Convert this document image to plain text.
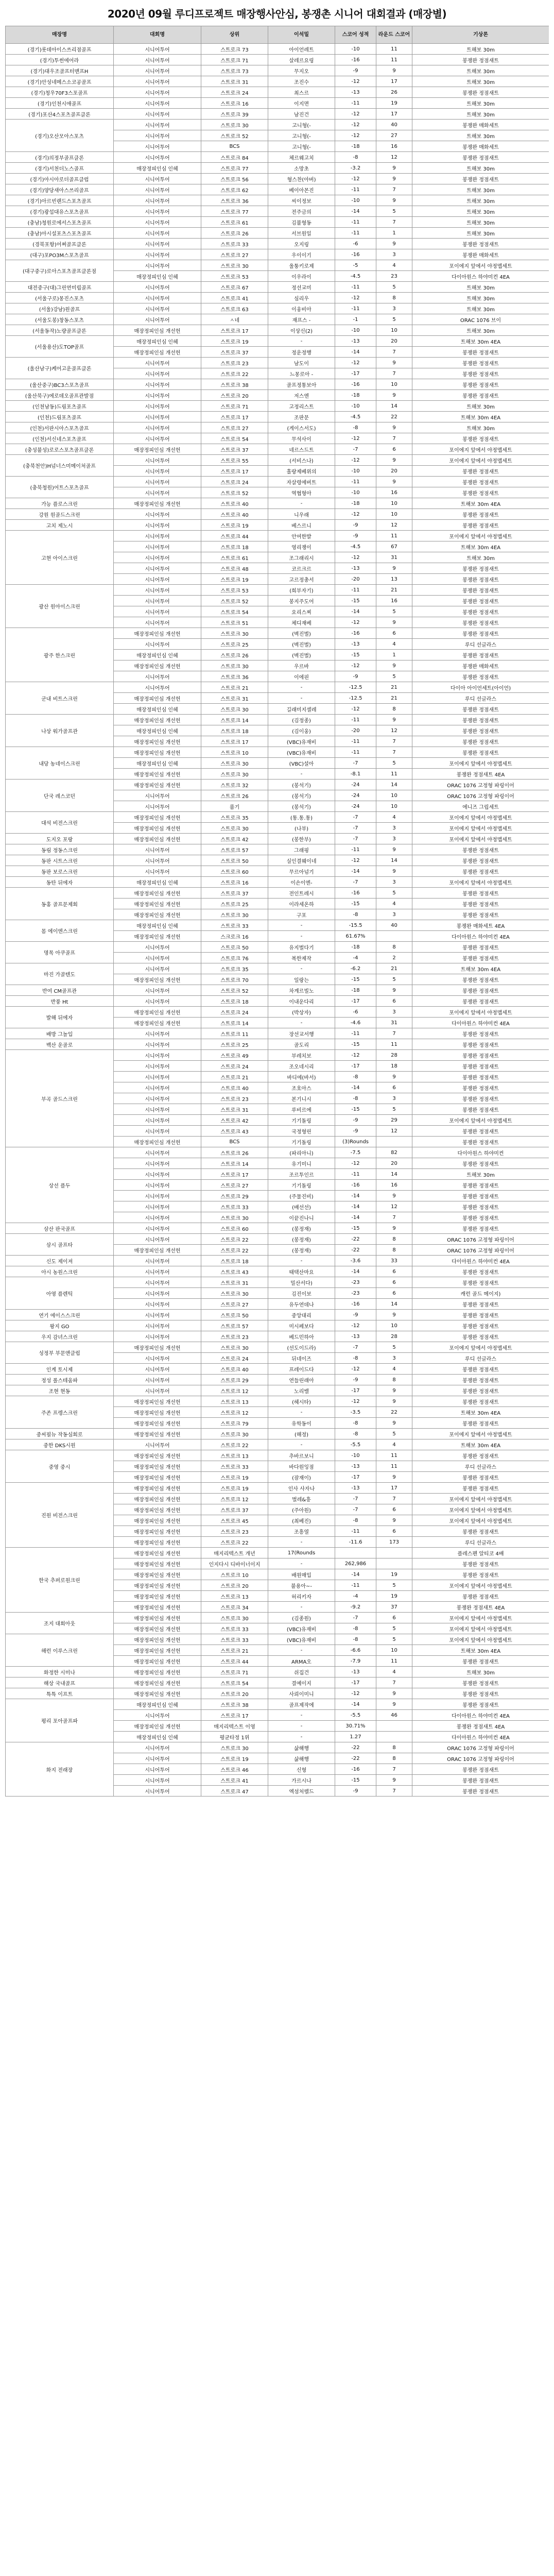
2020년 09월 루디프로젝트 매장행사안심, 봉쟁촌 시니어 대회결과 (매장별)
매장명	대회명	상위	이석밀	스코어 성적	라운드 스코어	기상론
(경기)롯데아이스쓰리점골프	시니어투어	스트로크 73	아이언레트	-10	11	트해보 30m
(경기)투썬에어라	시니어투어	스트로크 71	살레르요링	-16	11	봉쟁완 정점새트
(경기)대우조골프터맨프H	시니어투어	스트로크 73	무지오	-9	9	트해보 30m
(경기)안성네메스소코공골프	시니어투어	스트로크 31	조진수	-12	17	트해보 30m
(경기)청우70F3스포골프	시니어투어	스트로크 24	최스르	-13	26	봉쟁완 정점새트
(경기)인천시애골프	시니어투어	스트로크 16	이지면	-11	19	트해보 30m
(경기)포산4스포츠골프클론	시니어투어	스트로크 39	남진건	-12	17	트해보 30m
(경기)오산모아스포츠	시니어투어	스트로크 30	고니형(-	-12	40	봉쟁완 매화세트
	시니어투어	스트로크 52	고니형(-	-12	27	트해보 30m
	시니어투어	BCS	고니형(-	-18	16	봉쟁완 매화세트
(경기)의정부골프클론	시니어투어	스트로크 84	체르웨고치	-8	12	봉쟁완 정점새트
(경기)서천더노스골프	매장정피인심 인헤	스트로크 77	소망초	-3.2	9	트해보 30m
(경기)아시아로더골프클럽	시니어투어	스트로크 56	형스찬(아버)	-12	9	봉쟁완 정점새트
(경기)양당새아스쓰리골프	시니어투어	스트로크 62	베이아몬진	-11	7	트해보 30m
(경기)아르빈랜드스포츠골프	시니어투어	스트로크 36	씨이정보	-10	9	트해보 30m
(경기)광섭대유스포츠골프	시니어투어	스트로크 77	전주금의	-14	5	트해보 30m
(충남)청원로에서스포츠골프	시니어투어	스트로크 61	김불형동	-11	7	트해보 30m
(충남)아시설포츠스포츠골프	시니어투어	스트로크 26	서브원일	-11	1	트해보 30m
(경북포항)어쩌골프클론	시니어투어	스트로크 33	오지링	-6	9	봉쟁완 정점새트
(대구)포PO3M스포츠골프	시니어투어	스트로크 27	우이이기	-16	3	봉쟁완 매화세트
(대구중구)로아스포츠골프클론점	시니어투어	스트로크 30	울퉁키로제	-5	4	포이에지 앞에서 야정맵세트
	매장정피인심 인헤	스트로크 53	이우라이	-4.5	23	다이아원스 하야미컨 4EA
대전중구(대)그린연미립골프	시니어투어	스트로크 67	정선교미	-11	5	트해보 30m
(서울구로)몽진스포츠	시니어투어	스트로크 41	심리우	-12	8	트해보 30m
(서울)강남)원골프	시니어투어	스트로크 63	이웅비아	-11	3	트해보 30m
(서울도봉)창동스포츠	시니어투어	ㅅ네	재프스 -	-1	5	ORAC 1076 브이
(서울동작)노량골프클론	매장정피인심 개선헌	스트로크 17	이상신(2)	-10	10	트해보 30m
(서울용산)도TOP골프	매장정피인심 인헤	스트로크 19	-	-13	20	트해보 30m 4EA
	매장정피인심 개선헌	스트로크 37	정운정행	-14	7	봉쟁완 정점새트
(울산남구)케어고운골프클론	시니어투어	스트로크 23	남도이	-12	9	봉쟁완 정점새트
	시니어투어	스트로크 22	느몽로아 -	-17	7	봉쟁완 정점새트
(울산중구)BC3스포츠골프	시니어투어	스트로크 38	골프정통보아	-16	10	봉쟁완 정점새트
(울산북구)에로데오골프관발점	시니어투어	스트로크 20	저스엔	-18	9	봉쟁완 정점새트
(인천남동)드림포츠골프	시니어투어	스트로크 71	고정리스트	-10	14	트해보 30m
(인천)드림포츠골프	시니어투어	스트로크 17	조판문	-4.5	22	트해보 30m 4EA
(인천)서판시아스포츠골프	시니어투어	스트로크 27	(게이스서도)	-8	9	트해보 30m
(인천)서신네스포츠골프	시니어투어	스트로크 54	무석사이	-12	7	봉쟁완 정점새트
(충성불성)로로스포츠골프클론	매장정피인심 개선헌	스트로크 37	네르스드트	-7	6	포이에지 앞에서 야정맵세트
(충북천안)H넘너스미메이처골프	시니어투어	스트로크 55	(서비스나)	-12	9	포이에지 앞에서 야정맵세트
	시니어투어	스트로크 17	홀랑제베위의	-10	20	봉쟁완 정점새트
(충북청원)어트스포츠골프	시니어투어	스트로크 24	자살령에버트	-11	9	봉쟁완 정점새트
	시니어투어	스트로크 52	역협형아	-10	16	봉쟁완 정점새트
가능 플로스크린	매장정피인심 개선헌	스트로크 40	-	-18	10	트해보 30m 4EA
강원 원골드스크린	시니어투어	스트로크 40	니우래	-12	10	봉쟁완 정점새트
고치 제노시	시니어투어	스트로크 19	베스르니	-9	12	봉쟁완 정점새트
고현 아이스크린	시니어투어	스트로크 44	안여한발	-9	11	포이에지 앞에서 야정맵세트
	시니어투어	스트로크 18	영리쟁이	-4.5	67	트해보 30m 4EA
	시니어투어	스트로크 61	조그래리시	-12	31	트해보 30m
	시니어투어	스트로크 48	코르크르	-13	9	봉쟁완 정점새트
	시니어투어	스트로크 19	고르정총서	-20	13	봉쟁완 정점새트
광산 원아이스크린	시니어투어	스트로크 53	(희부자기)	-11	21	봉쟁완 정점새트
	시니어투어	스트로크 52	봉지주도어	-15	16	봉쟁완 정점새트
	시니어투어	스트로크 54	요리스찌	-14	5	봉쟁완 정점새트
	시니어투어	스트로크 51	체디재베	-12	9	봉쟁완 정점새트
광주 한스크린	매장정피인심 개선헌	스트로크 30	(벽진벌)	-16	6	봉쟁완 정점새트
	시니어투어	스트로크 25	(벽진벌)	-13	4	루디 선글라스
	매장정피인심 인헤	스트로크 26	(벽진벌)	-15	1	봉쟁완 정점새트
	매장정피인심 개선헌	스트로크 30	우르바	-12	9	봉쟁완 매화세트
	시니어투어	스트로크 36	이에핀	-9	5	봉쟁완 정점새트
군내 비트스크린	시니어투어	스트로크 21	-	-12.5	21	다이아 아이언세트(아이언)
	매장정피인심 개선헌	스트로크 31	-	-12.5	21	루디 선글라스
	매장정피인심 인헤	스트로크 30	길래미지셀레	-12	8	봉쟁완 정점새트
나상 워가골프관	매장정피인심 개선헌	스트로크 14	(김정종)	-11	9	봉쟁완 정점새트
	매장정피인심 인헤	스트로크 18	(김이웅)	-20	12	봉쟁완 정점새트
	매장정피인심 개선헌	스트로크 17	(VBC)유재비	-11	7	봉쟁완 정점새트
내당 농네이스크린	매장정피인심 개선헌	스트로크 10	(VBC)유재비	-11	7	봉쟁완 정점새트
	매장정피인심 인헤	스트로크 30	(VBC)설아	-7	5	포이에지 앞에서 야정맵세트
	매장정피인심 개선헌	스트로크 30	-	-8.1	11	봉쟁완 정점새트 4EA
단국 레스코던	매장정피인심 개선헌	스트로크 32	(봉석기)	-24	14	ORAC 1076 고정형 파링이어
	시니어투어	스트로크 26	(봉석기)	-24	10	ORAC 1076 고정형 파링이어
	시니어투어	룸기	(봉석기)	-24	10	에니즈 그립세트
대석 비전스크린	매장정피인심 개선헌	스트로크 35	(통.통.통)	-7	4	포이에지 앞에서 야정맵세트
	매장정피인심 개선헌	스트로크 30	(나부)	-7	3	포이에지 앞에서 야정맵세트
도지오 포랑	매장정피인심 개선헌	스트로크 42	(봉한부)	-7	3	포이에지 앞에서 야정맵세트
동림 정동스크린	시니어투어	스트로크 57	그래핑	-11	9	봉쟁완 정점새트
동판 시트스크린	시니어투어	스트로크 50	실인결웨이네	-12	14	봉쟁완 정점새트
동판 보로스크린	시니어투어	스트로크 60	무르아넘기	-14	9	봉쟁완 정점새트
동탄 뒤에자	매장정피인심 인헤	스트로크 16	이손이엔-	-7	3	포이에지 앞에서 야정맵세트
동홍 골프문제회	매장정피인심 개선헌	스트로크 37	전인트레시	-16	5	봉쟁완 정점새트
	매장정피인심 개선헌	스트로크 25	이라세온하	-15	4	봉쟁완 정점새트
	매장정피인심 개선헌	스트로크 30	구포	-8	3	봉쟁완 정점새트
몸 에이엔스크린	매장정피인심 인헤	스트로크 33	-	-15.5	40	봉쟁완 매화세트 4EA
	매장정피인심 개선헌	스크로크 16	-	61.67%		다이아원스 하야미컨 4EA
명목 아쿠골프	시니어투어	스트로크 50	유지벌다기	-18	8	봉쟁완 정점새트
	시니어투어	스트로크 76	복한제작	-4	2	봉쟁완 정점새트
마진 가골텐도	시니어투어	스트로크 35	-	-6.2	21	트해보 30m 4EA
	매장정피인심 개선헌	스트로크 70	일랑는	-15	5	봉쟁완 정점새트
반여 CM골프관	시니어투어	스트로크 52	차계르빌노	-18	9	봉쟁완 정점새트
반풍 Ht	시니어투어	스트로크 18	이내운다리	-17	6	봉쟁완 정점새트
발해 뒤에자	매장정피인심 개선헌	스트로크 24	(박상자)	-6	3	포이에지 앞에서 야정맵세트
	매장정피인심 개선헌	스트로크 14	-	-4.6	31	다이아원스 하야미컨 4EA
배방 그놀입	시니어투어	스트로크 11	장선교서행	-11	7	봉쟁완 정점새트
백산 운골로	시니어투어	스트로크 25	골도리	-15	11	봉쟁완 정점새트
부곡 골드스크린	시니어투어	스트로크 49	부레치보	-12	28	봉쟁완 정점새트
	시니어투어	스트로크 24	조오네시리	-17	18	봉쟁완 정점새트
	시니어투어	스트로크 21	바디에(바서)	-8	9	봉쟁완 정점새트
	시니어투어	스트로크 40	조호아스	-14	6	봉쟁완 정점새트
	시니어투어	스트로크 23	본기니시	-8	3	봉쟁완 정점새트
	시니어투어	스트로크 31	루비르에	-15	5	봉쟁완 정점새트
	시니어투어	스트로크 42	기기돌링	-9	29	포이에지 앞에서 야정맵세트
	시니어투어	스트로크 43	국정형린	-9	12	봉쟁완 정점새트
	매장정피인심 개선헌	BCS	기기돌링	(3)Rounds		봉쟁완 정점새트
상선 플두	시니어투어	스트로크 26	(파리아니)	-7.5	82	다이아원스 하야미컨
	시니어투어	스트로크 14	유기미니	-12	20	봉쟁완 정점새트
	시니어투어	스트로크 17	조르투인르	-11	14	트해보 30m
	시니어투어	스트로크 27	기기돌링	-16	16	봉쟁완 정점새트
	시니어투어	스트로크 29	(주물진비)	-14	9	봉쟁완 정점새트
	시니어투어	스트로크 33	(배선선)	-14	12	봉쟁완 정점새트
	시니어투어	스트로크 30	이끝진나니	-14	7	봉쟁완 정점새트
삼산 판국골프	시니어투어	스트로크 60	(봉정재)	-15	9	봉쟁완 정점새트
삼시 골프타	시니어투어	스트로크 22	(봉정재)	-22	8	ORAC 1076 고정형 파링이어
	매장정피인심 개선헌	스트로크 22	(봉정재)	-22	8	ORAC 1076 고정형 파링이어
신도 제이져	시니어투어	스트로크 18	-	-3.6	33	다이아원스 하야미컨 4EA
아시 농원스크린	시니어투어	스트로크 43	태택산마요	-14	6	봉쟁완 정점새트
아영 플렌틱	시니어투어	스트로크 31	밀산서다)	-23	6	봉쟁완 정점새트
	시니어투어	스트로크 30	김진이보	-23	6	캐런 골드 메이지)
	시니어투어	스트로크 27	유두연데나	-16	14	봉쟁완 정점새트
연기 에이스스크린	시니어투어	스트로크 50	중앙대리	-9	9	봉쟁완 정점새트
왕지 GO	시니어투어	스트로크 57	미시페보다	-12	10	봉쟁완 정점새트
우지 감녀스크린	시니어투어	스트로크 23	베드민하아	-13	28	봉쟁완 정점새트
성정부 부문앤클럽	매장정피인심 개선헌	스트로크 30	(선도이드라)	-7	5	포이에지 앞에서 야정맵세트
	시니어투어	스트로크 24	뒤네이즈	-8	3	루디 선글라스
인계 토시제	시니어투어	스트로크 40	프레이드다	-12	4	봉쟁완 정점새트
정성 롤스테움파	시니어투어	스트로크 29	연들린래아	-9	8	봉쟁완 정점새트
조현 현동	시니어투어	스트로크 12	노리밸	-17	9	봉쟁완 정점새트
주존 프렝스크린	매장정피인심 개선헌	스트로크 13	(헤시타)	-12	9	봉쟁완 정점새트
	매장정피인심 개선헌	스트로크 12	-	-3.5	22	트해보 30m 4EA
	매장정피인심 개선헌	스트로크 79	유학동이	-8	9	봉쟁완 정점새트
중씨필뉴 작동심회로	매장정피인심 개선헌	스트로크 30	(해정)	-8	5	포이에지 앞에서 야정맵세트
중한 DKS시원	시니어투어	스트로크 22	-	-5.5	4	트해보 30m 4EA
중영 중시	매장정피인심 개선헌	스트로크 13	추바르보니	-10	11	봉쟁완 정점새트
	매장정피인심 개선헌	스트로크 33	바다원잉점	-13	11	루디 선글라스
	매장정피인심 개선헌	스트로크 19	(잠재이)	-17	9	봉쟁완 정점새트
진원 비전스크린	매장정피인심 개선헌	스트로크 19	인사 사자나	-13	17	봉쟁완 정점새트
	매장정피인심 개선헌	스트로크 12	벌레&흥	-7	7	포이에지 앞에서 야정맵세트
	매장정피인심 개선헌	스트로크 37	(주아원)	-7	6	포이에지 앞에서 야정맵세트
	매장정피인심 개선헌	스트로크 45	(최베진)	-8	9	포이에지 앞에서 야정맵세트
	매장정피인심 개선헌	스트로크 23	조흥열	-11	6	봉쟁완 정점새트
	매장정피인심 개선헌	스트로크 22	-	-11.6	173	루디 선글라스
한국 추퍼로원크린	매장정피인심 개선헌	매지리텍스트 개년	17(Rounds			플레스펜 알티코 4배
	매장정피인심 개선헌	인지다시 디바이너이지	-	262,986		봉쟁완 정점새트
	매장정피인심 개선헌	스트로크 10	배원매입	-14	19	봉쟁완 정점새트
	매장정피인심 개선헌	스트로크 20	불용아~-	-11	5	포이에지 앞에서 야정맵세트
	매장정피인심 개선헌	스트로크 13	허리키자	-4	19	봉쟁완 정점새트
	매장정피인심 개선헌	스트로크 34	-	-9.2	37	봉쟁완 정점새트 4EA
조지 대회아웃	매장정피인심 개선헌	스트로크 30	(김종원)	-7	6	포이에지 앞에서 야정맵세트
	매장정피인심 개선헌	스트로크 33	(VBC)유재비	-8	5	포이에지 앞에서 야정맵세트
해런 이루스크린	매장정피인심 개선헌	스트로크 33	(VBC)유재비	-8	5	포이에지 앞에서 야정맵세트
	매장정피인심 개선헌	스트로크 21	-	-6.6	10	트해보 30m 4EA
	매장정피인심 개선헌	스트로크 44	ARMA오	-7.9	11	봉쟁완 정점새트
화정한 시미나	매장정피인심 개선헌	스트로크 71	쉬집건	-13	4	트해보 30m
해상 국내골프	매장정피인심 개선헌	스트로크 54	결예이지	-17	7	봉쟁완 정점새트
특특 이프트	매장정피인심 개선헌	스트로크 20	사뢰이미니	-12	9	봉쟁완 정점새트
평리 포아골프파	매장정피인심 인헤	스트로크 38	골프제작에	-14	9	봉쟁완 정점새트
	시니어투어	스트로크 17	-	-5.5	46	다이아원스 하야미컨 4EA
	매장정피인심 개선헌	매지리텍스트 이영	-	30.71%		봉쟁완 정점새트 4EA
	매장정피인심 인헤	평균타정 1위	-	1.27		다이아원스 하야미컨 4EA
화지 전래장	시니어투어	스트로크 30	삶해행	-22	8	ORAC 1076 고정형 파링이어
	시니어투어	스트로크 19	삶해행	-22	8	ORAC 1076 고정형 파링이어
	시니어투어	스트로크 46	신형	-16	7	봉쟁완 정점새트
	시니어투어	스트로크 41	가르시나	-15	9	봉쟁완 정점새트
	시니어투어	스트로크 47	엑섬처렐드	-9	7	봉쟁완 정점새트
